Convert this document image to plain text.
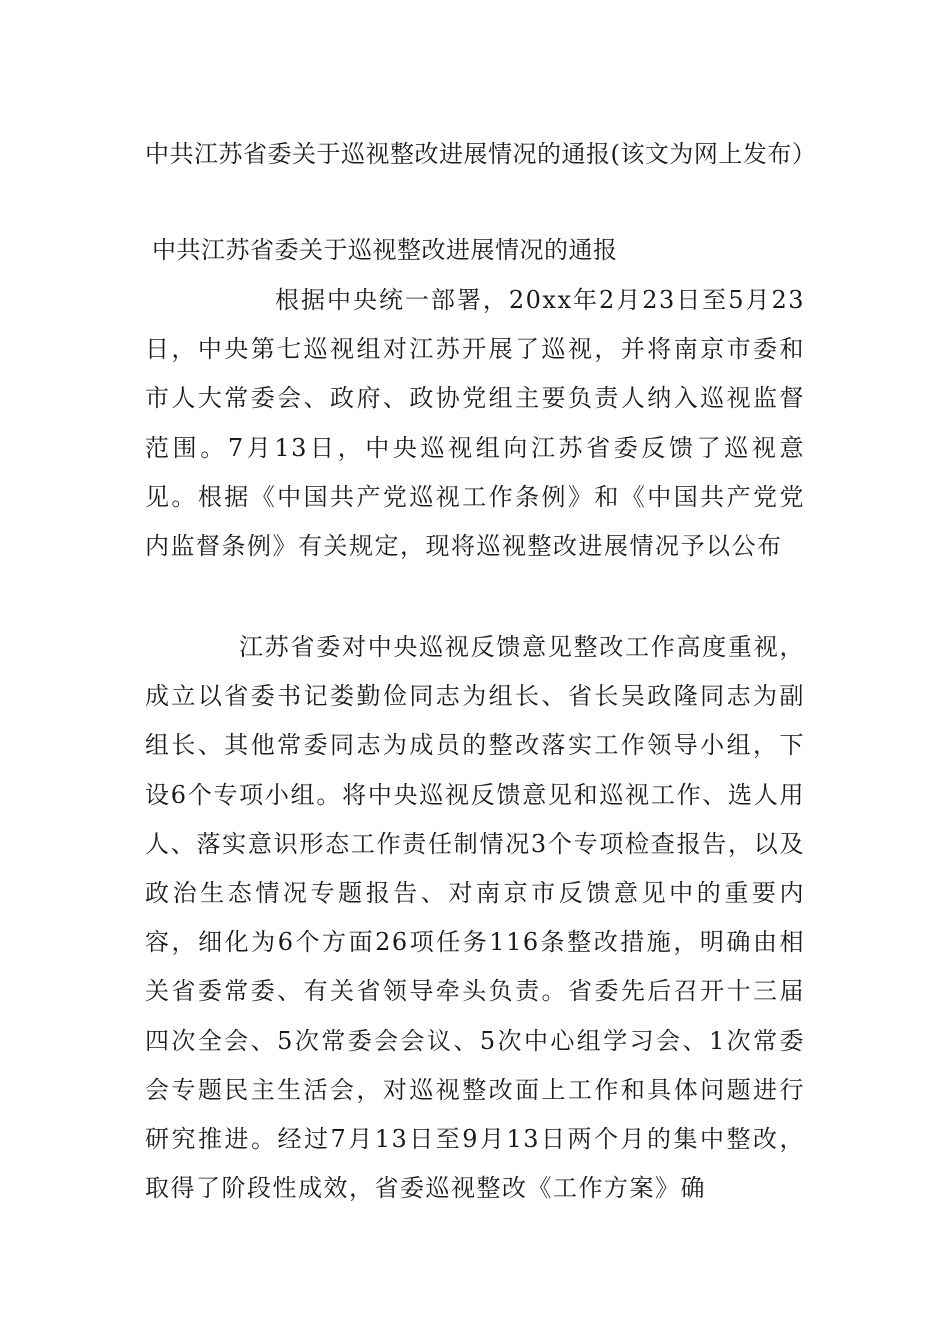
中共江苏省委关于巡视整改进展情况的通报(该文为网上发布）
中共江苏省委关于巡视整改进展情况的通报

根据中央统一部署，20xx年2月23日至5月23日，中央第七巡视组对江苏开展了巡视，并将南京市委和市人大常委会、政府、政协党组主要负责人纳入巡视监督范围。7月13日，中央巡视组向江苏省委反馈了巡视意见。根据《中国共产党巡视工作条例》和《中国共产党党内监督条例》有关规定，现将巡视整改进展情况予以公布

江苏省委对中央巡视反馈意见整改工作高度重视，成立以省委书记娄勤俭同志为组长、省长吴政隆同志为副组长、其他常委同志为成员的整改落实工作领导小组，下设6个专项小组。将中央巡视反馈意见和巡视工作、选人用人、落实意识形态工作责任制情况3个专项检查报告，以及政治生态情况专题报告、对南京市反馈意见中的重要内容，细化为6个方面26项任务116条整改措施，明确由相关省委常委、有关省领导牵头负责。省委先后召开十三届四次全会、5次常委会会议、5次中心组学习会、1次常委会专题民主生活会，对巡视整改面上工作和具体问题进行研究推进。经过7月13日至9月13日两个月的集中整改，取得了阶段性成效，省委巡视整改《工作方案》确
